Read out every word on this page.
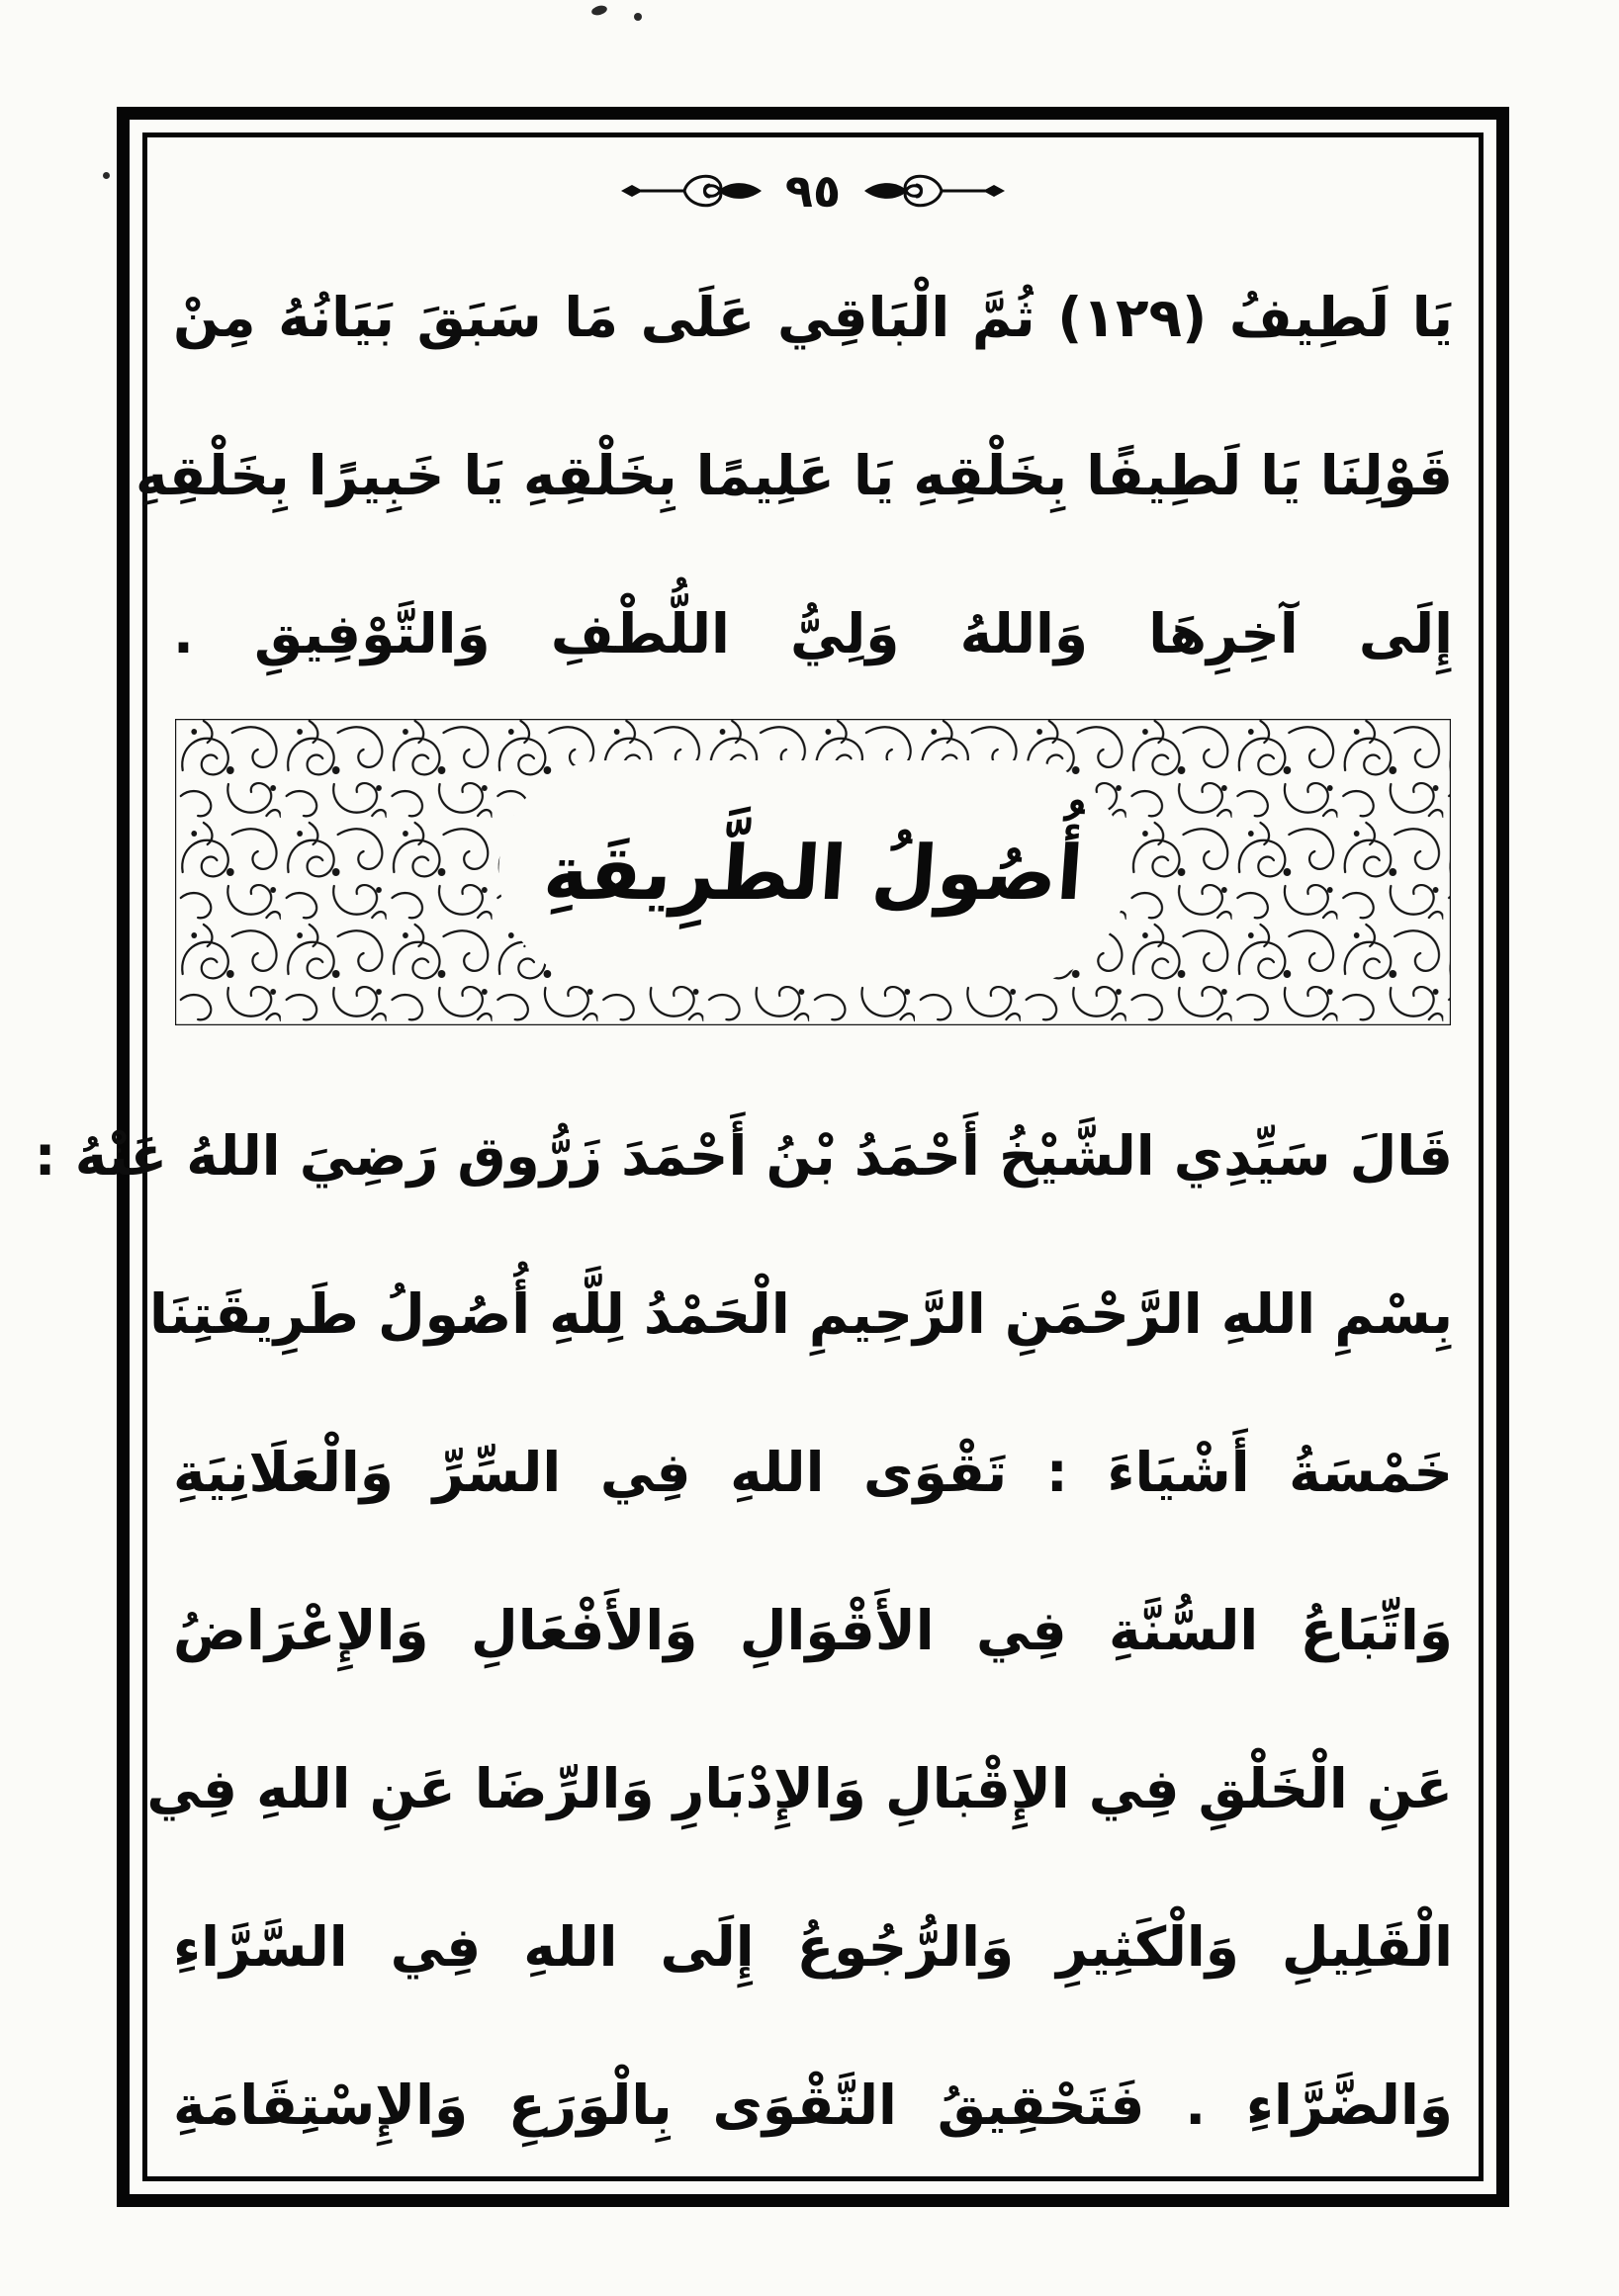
٩٥
يَا لَطِيفُ (١٢٩) ثُمَّ الْبَاقِي عَلَى مَا سَبَقَ بَيَانُهُ مِنْ
قَوْلِنَا يَا لَطِيفًا بِخَلْقِهِ يَا عَلِيمًا بِخَلْقِهِ يَا خَبِيرًا بِخَلْقِهِ
إِلَى آخِرِهَا وَاللهُ وَلِيُّ اللُّطْفِ وَالتَّوْفِيقِ .
أُصُولُ الطَّرِيقَةِ
قَالَ سَيِّدِي الشَّيْخُ أَحْمَدُ بْنُ أَحْمَدَ زَرُّوق رَضِيَ اللهُ عَنْهُ :
بِسْمِ اللهِ الرَّحْمَنِ الرَّحِيمِ الْحَمْدُ لِلَّهِ أُصُولُ طَرِيقَتِنَا
خَمْسَةُ أَشْيَاءَ : تَقْوَى اللهِ فِي السِّرِّ وَالْعَلَانِيَةِ
وَاتِّبَاعُ السُّنَّةِ فِي الأَقْوَالِ وَالأَفْعَالِ وَالإِعْرَاضُ
عَنِ الْخَلْقِ فِي الإِقْبَالِ وَالإِدْبَارِ وَالرِّضَا عَنِ اللهِ فِي
الْقَلِيلِ وَالْكَثِيرِ وَالرُّجُوعُ إِلَى اللهِ فِي السَّرَّاءِ
وَالضَّرَّاءِ . فَتَحْقِيقُ التَّقْوَى بِالْوَرَعِ وَالإِسْتِقَامَةِ
